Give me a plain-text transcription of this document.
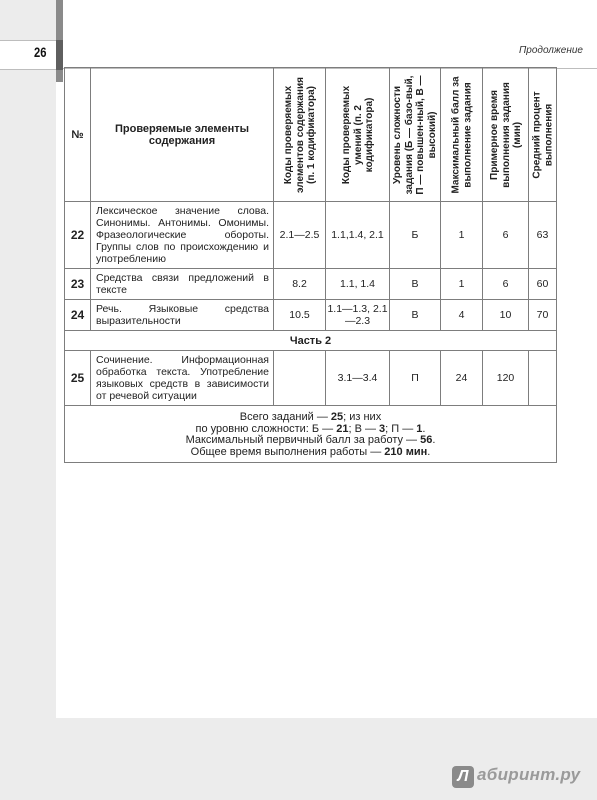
26	Продолжение
№	Проверяемые элементы содержания	Коды проверяемых элементов содержания (п. 1 кодификатора)	Коды проверяемых умений (п. 2 кодификатора)	Уровень сложности задания (Б — базо-вый, П — повышен-ный, В — высокий)	Максимальный балл за выполнение задания	Примерное время выполнения задания (мин)	Средний процент выполнения

22	Лексическое значение слова. Синонимы. Антонимы. Омонимы. Фразеологические обороты. Группы слов по происхождению и употреблению	2.1—2.5	1.1,1.4, 2.1	Б	1	6	63
23	Средства связи предложений в тексте	8.2	1.1, 1.4	В	1	6	60
24	Речь. Языковые средства выразительности	10.5	1.1—1.3, 2.1—2.3	В	4	10	70
Часть 2							
25	Сочинение. Информационная обработка текста. Употребление языковых средств в зависимости от речевой ситуации		3.1—3.4	П	24	120	

Всего заданий — 25; из них
по уровню сложности: Б — 21; В — 3; П — 1.
Максимальный первичный балл за работу — 56.
Общее время выполнения работы — 210 мин.							
Л абиринт.ру
